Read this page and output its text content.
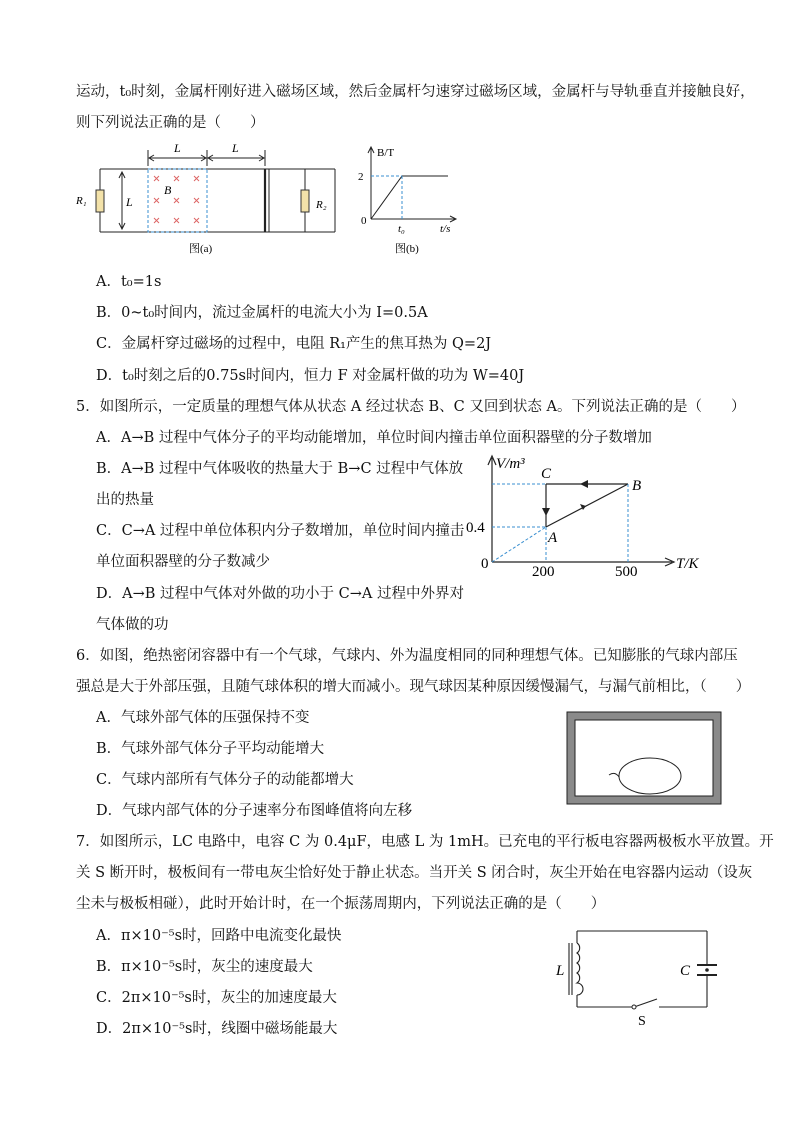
运动，t₀时刻，金属杆刚好进入磁场区域，然后金属杆匀速穿过磁场区域，金属杆与导轨垂直并接触良好，
则下列说法正确的是（　　）
L	L
L
R₁	R₂
B
图(a)
B/T
2
0
t₀	t/s
图(b)
A．t₀=1s
B．0~t₀时间内，流过金属杆的电流大小为 I=0.5A
C．金属杆穿过磁场的过程中，电阻 R₁产生的焦耳热为 Q=2J
D．t₀时刻之后的0.75s时间内，恒力 F 对金属杆做的功为 W=40J
5．如图所示，一定质量的理想气体从状态 A 经过状态 B、C 又回到状态 A。下列说法正确的是（　　）
A．A→B 过程中气体分子的平均动能增加，单位时间内撞击单位面积器壁的分子数增加
B．A→B 过程中气体吸收的热量大于 B→C 过程中气体放
出的热量
C．C→A 过程中单位体积内分子数增加，单位时间内撞击
单位面积器壁的分子数减少
D．A→B 过程中气体对外做的功小于 C→A 过程中外界对
气体做的功
V/m³
T/K
0
0.4
200	500
A
B
C
6．如图，绝热密闭容器中有一个气球，气球内、外为温度相同的同种理想气体。已知膨胀的气球内部压
强总是大于外部压强，且随气球体积的增大而减小。现气球因某种原因缓慢漏气，与漏气前相比，（　　）
A．气球外部气体的压强保持不变
B．气球外部气体分子平均动能增大
C．气球内部所有气体分子的动能都增大
D．气球内部气体的分子速率分布图峰值将向左移
7．如图所示，LC 电路中，电容 C 为 0.4μF，电感 L 为 1mH。已充电的平行板电容器两极板水平放置。开
关 S 断开时，极板间有一带电灰尘恰好处于静止状态。当开关 S 闭合时，灰尘开始在电容器内运动（设灰
尘未与极板相碰），此时开始计时，在一个振荡周期内，下列说法正确的是（　　）
A．π×10⁻⁵s时，回路中电流变化最快
B．π×10⁻⁵s时，灰尘的速度最大
C．2π×10⁻⁵s时，灰尘的加速度最大
D．2π×10⁻⁵s时，线圈中磁场能最大
L	C
S
